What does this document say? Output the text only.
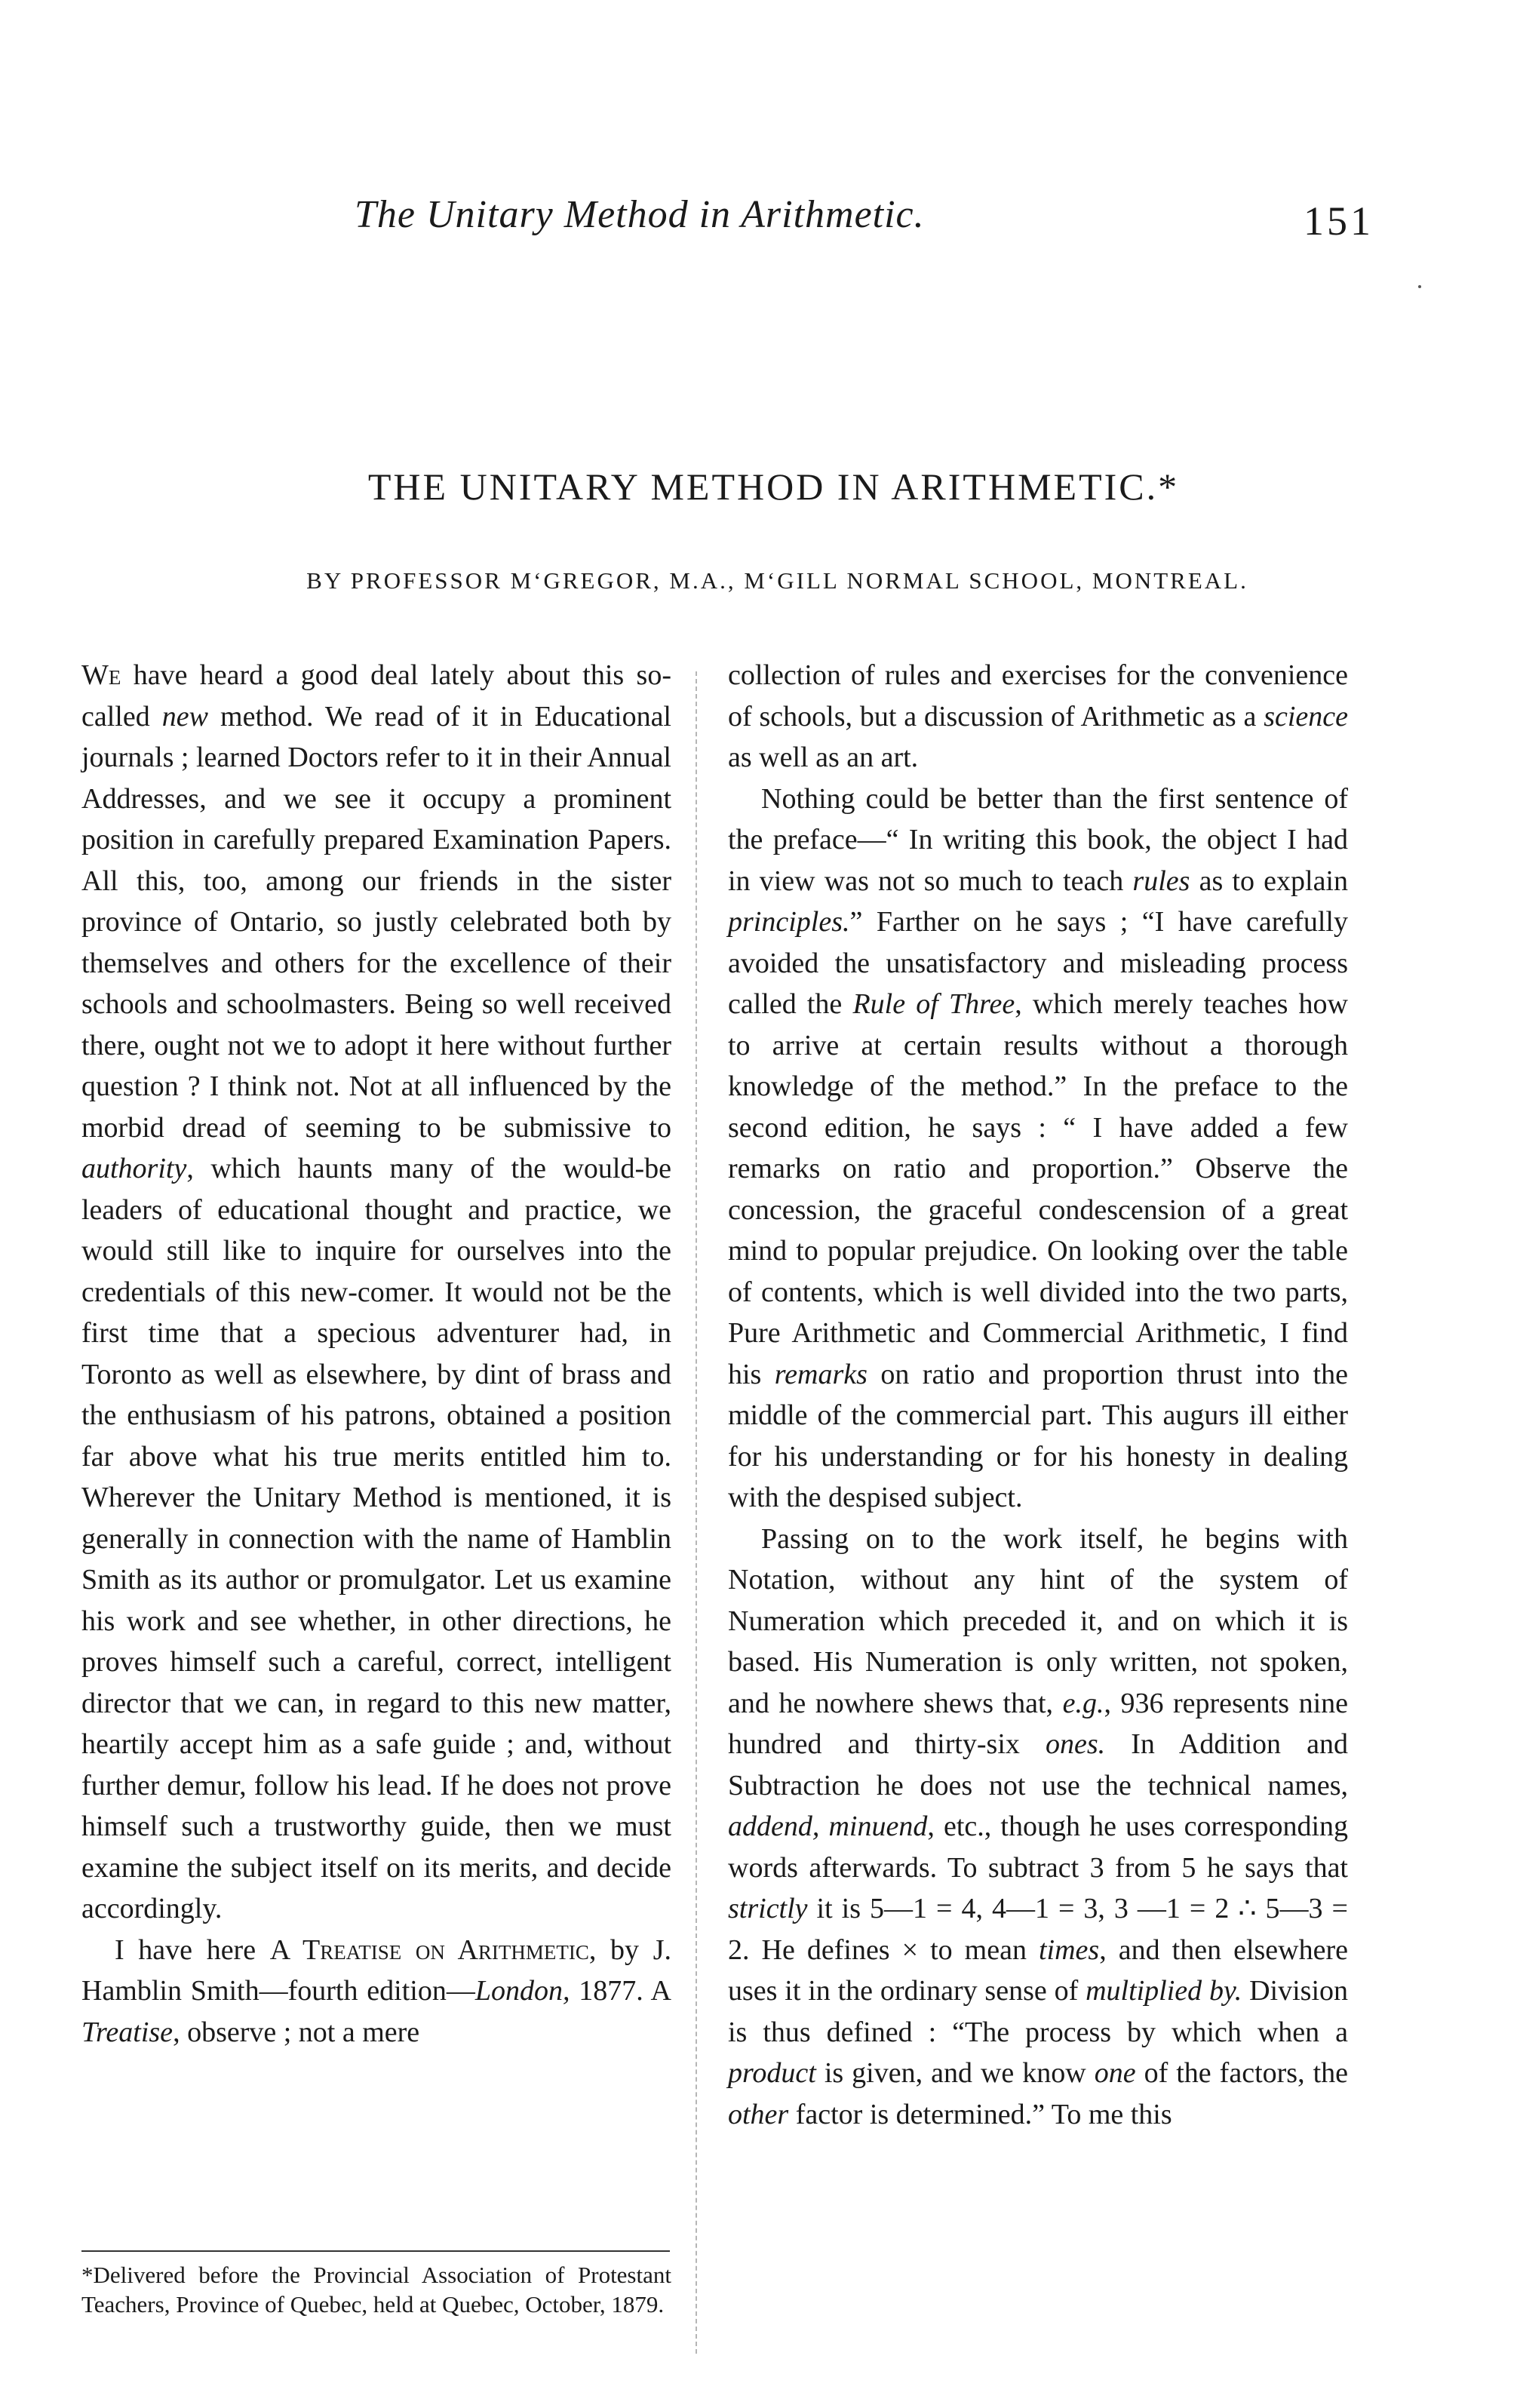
The Unitary Method in Arithmetic.	151
THE UNITARY METHOD IN ARITHMETIC.*
BY PROFESSOR M‘GREGOR, M.A., M‘GILL NORMAL SCHOOL, MONTREAL.

We have heard a good deal lately about this so-called new method. We read of it in Educational journals ; learned Doctors refer to it in their Annual Addresses, and we see it occupy a prominent position in carefully prepared Examination Papers. All this, too, among our friends in the sister province of Ontario, so justly celebrated both by themselves and others for the excellence of their schools and schoolmasters. Being so well received there, ought not we to adopt it here without further question ? I think not. Not at all influenced by the morbid dread of seeming to be submissive to authority, which haunts many of the would-be leaders of educational thought and practice, we would still like to inquire for ourselves into the credentials of this new-comer. It would not be the first time that a specious adventurer had, in Toronto as well as elsewhere, by dint of brass and the enthusiasm of his patrons, obtained a position far above what his true merits entitled him to. Wherever the Unitary Method is mentioned, it is generally in connection with the name of Hamblin Smith as its author or promulgator. Let us examine his work and see whether, in other directions, he proves himself such a careful, correct, intelligent director that we can, in regard to this new matter, heartily accept him as a safe guide ; and, without further demur, follow his lead. If he does not prove himself such a trustworthy guide, then we must examine the subject itself on its merits, and decide accordingly.

I have here A Treatise on Arithmetic, by J. Hamblin Smith—fourth edition—London, 1877. A Treatise, observe ; not a mere

collection of rules and exercises for the convenience of schools, but a discussion of Arithmetic as a science as well as an art.

Nothing could be better than the first sentence of the preface—“ In writing this book, the object I had in view was not so much to teach rules as to explain principles.” Farther on he says ; “I have carefully avoided the unsatisfactory and misleading process called the Rule of Three, which merely teaches how to arrive at certain results without a thorough knowledge of the method.” In the preface to the second edition, he says : “ I have added a few remarks on ratio and proportion.” Observe the concession, the graceful condescension of a great mind to popular prejudice. On looking over the table of contents, which is well divided into the two parts, Pure Arithmetic and Commercial Arithmetic, I find his remarks on ratio and proportion thrust into the middle of the commercial part. This augurs ill either for his understanding or for his honesty in dealing with the despised subject.

Passing on to the work itself, he begins with Notation, without any hint of the system of Numeration which preceded it, and on which it is based. His Numeration is only written, not spoken, and he nowhere shews that, e.g., 936 represents nine hundred and thirty-six ones. In Addition and Subtraction he does not use the technical names, addend, minuend, etc., though he uses corresponding words afterwards. To subtract 3 from 5 he says that strictly it is 5—1 = 4, 4—1 = 3, 3 —1 = 2 ∴ 5—3 = 2. He defines × to mean times, and then elsewhere uses it in the ordinary sense of multiplied by. Division is thus defined : “The process by which when a product is given, and we know one of the factors, the other factor is determined.” To me this

*Delivered before the Provincial Association of Protestant Teachers, Province of Quebec, held at Quebec, October, 1879.
